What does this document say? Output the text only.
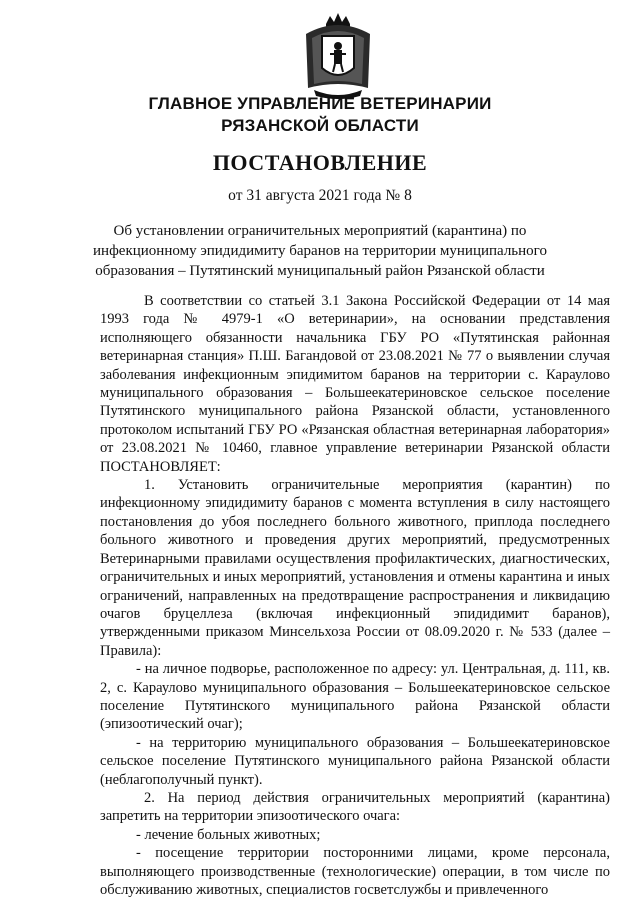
ГЛАВНОЕ УПРАВЛЕНИЕ ВЕТЕРИНАРИИ
РЯЗАНСКОЙ ОБЛАСТИ
ПОСТАНОВЛЕНИЕ
от 31 августа 2021 года № 8
Об установлении ограничительных мероприятий (карантина) по инфекционному эпидидимиту баранов на территории муниципального образования – Путятинский муниципальный район Рязанской области

В соответствии со статьей 3.1 Закона Российской Федерации от 14 мая 1993 года № 4979-1 «О ветеринарии», на основании представления исполняющего обязанности начальника ГБУ РО «Путятинская районная ветеринарная станция» П.Ш. Багандовой от 23.08.2021 № 77 о выявлении случая заболевания инфекционным эпидимитом баранов на территории с. Караулово муниципального образования – Большеекатериновское сельское поселение Путятинского муниципального района Рязанской области, установленного протоколом испытаний ГБУ РО «Рязанская областная ветеринарная лаборатория» от 23.08.2021 № 10460, главное управление ветеринарии Рязанской области ПОСТАНОВЛЯЕТ:

1. Установить ограничительные мероприятия (карантин) по инфекционному эпидидимиту баранов с момента вступления в силу настоящего постановления до убоя последнего больного животного, приплода последнего больного животного и проведения других мероприятий, предусмотренных Ветеринарными правилами осуществления профилактических, диагностических, ограничительных и иных мероприятий, установления и отмены карантина и иных ограничений, направленных на предотвращение распространения и ликвидацию очагов бруцеллеза (включая инфекционный эпидидимит баранов), утвержденными приказом Минсельхоза России от 08.09.2020 г. № 533 (далее – Правила):

- на личное подворье, расположенное по адресу: ул. Центральная, д. 111, кв. 2, с. Караулово муниципального образования – Большеекатериновское сельское поселение Путятинского муниципального района Рязанской области (эпизоотический очаг);

- на территорию муниципального образования – Большеекатериновское сельское поселение Путятинского муниципального района Рязанской области (неблагополучный пункт).

2. На период действия ограничительных мероприятий (карантина) запретить на территории эпизоотического очага:

- лечение больных животных;

- посещение территории посторонними лицами, кроме персонала, выполняющего производственные (технологические) операции, в том числе по обслуживанию животных, специалистов госветслужбы и привлеченного
